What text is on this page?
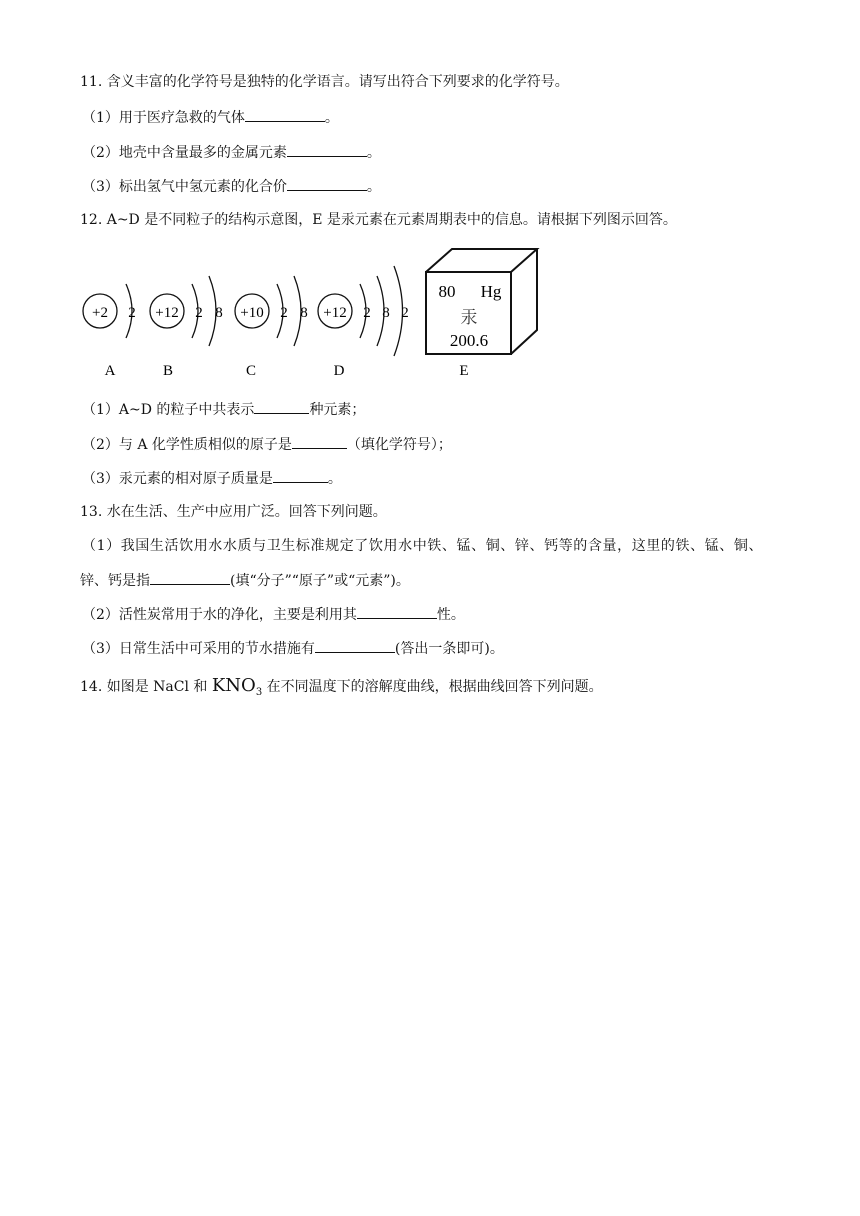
11. 含义丰富的化学符号是独特的化学语言。请写出符合下列要求的化学符号。
（1）用于医疗急救的气体	。
（2）地壳中含量最多的金属元素	。
（3）标出氢气中氢元素的化合价	。
12. A~D 是不同粒子的结构示意图，E 是汞元素在元素周期表中的信息。请根据下列图示回答。
+2 2
A
+12 2 8
B
+10 2 8
C
+12 2 8 2
D
80 Hg
汞
200.6
E
（1）A~D 的粒子中共表示	种元素；
（2）与 A 化学性质相似的原子是	（填化学符号）；
（3）汞元素的相对原子质量是	。
13. 水在生活、生产中应用广泛。回答下列问题。
（1）我国生活饮用水水质与卫生标准规定了饮用水中铁、锰、铜、锌、钙等的含量，这里的铁、锰、铜、
锌、钙是指	(填“分子”“原子”或“元素”)。
（2）活性炭常用于水的净化，主要是利用其	性。
（3）日常生活中可采用的节水措施有	(答出一条即可)。
14. 如图是 NaCl 和 $KNO_3$ 在不同温度下的溶解度曲线，根据曲线回答下列问题。
